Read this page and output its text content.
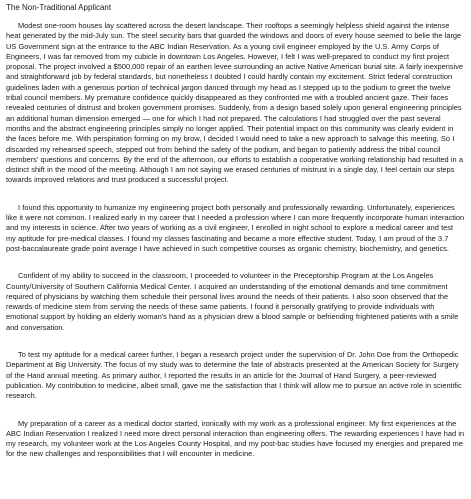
The Non-Traditional Applicant

Modest one-room houses lay scattered across the desert landscape. Their rooftops a seemingly helpless shield against the intense heat generated by the mid-July sun. The steel security bars that guarded the windows and doors of every house seemed to belie the large US Government sign at the entrance to the ABC Indian Reservation. As a young civil engineer employed by the U.S. Army Corps of Engineers, I was far removed from my cubicle in downtown Los Angeles. However, I felt I was well-prepared to conduct my first project proposal. The project involved a $500,000 repair of an earthen levee surrounding an active Native American burial site. A fairly inexpensive and straightforward job by federal standards, but nonetheless I doubted I could hardly contain my excitement. Strict federal construction guidelines laden with a generous portion of technical jargon danced through my head as I stepped up to the podium to greet the twelve tribal council members. My premature confidence quickly disappeared as they confronted me with a troubled ancient gaze. Their faces revealed centuries of distrust and broken government promises. Suddenly, from a design based solely upon general engineering principles an additional human dimension emerged — one for which I had not prepared. The calculations I had struggled over the past several months and the abstract engineering principles simply no longer applied. Their potential impact on this community was clearly evident in the faces before me. With perspiration forming on my brow, I decided I would need to take a new approach to salvage this meeting. So I discarded my rehearsed speech, stepped out from behind the safety of the podium, and began to patiently address the tribal council members' questions and concerns. By the end of the afternoon, our efforts to establish a cooperative working relationship had resulted in a distinct shift in the mood of the meeting. Although I am not saying we erased centuries of mistrust in a single day, I feel certain our steps towards improved relations and trust produced a successful project.

I found this opportunity to humanize my engineering project both personally and professionally rewarding. Unfortunately, experiences like it were not common. I realized early in my career that I needed a profession where I can more frequently incorporate human interaction and my interests in science. After two years of working as a civil engineer, I enrolled in night school to explore a medical career and test my aptitude for pre-medical classes. I found my classes fascinating and became a more effective student. Today, I am proud of the 3.7 post-baccalaureate grade point average I have achieved in such competitive courses as organic chemistry, biochemistry, and genetics.

Confident of my ability to succeed in the classroom, I proceeded to volunteer in the Preceptorship Program at the Los Angeles County/University of Southern California Medical Center. I acquired an understanding of the emotional demands and time commitment required of physicians by watching them schedule their personal lives around the needs of their patients. I also soon observed that the rewards of medicine stem from serving the needs of these same patients. I found it personally gratifying to provide individuals with emotional support by holding an elderly woman's hand as a physician drew a blood sample or befriending frightened patients with a smile and conversation.

To test my aptitude for a medical career further, I began a research project under the supervision of Dr. John Doe from the Orthopedic Department at Big University. The focus of my study was to determine the fate of abstracts presented at the American Society for Surgery of the Hand annual meeting. As primary author, I reported the results in an article for the Journal of Hand Surgery, a peer-reviewed publication. My contribution to medicine, albeit small, gave me the satisfaction that I think will allow me to pursue an active role in scientific research.

My preparation of a career as a medical doctor started, ironically with my work as a professional engineer. My first experiences at the ABC Indian Reservation I realized I need more direct personal interaction than engineering offers. The rewarding experiences I have had in my research, my volunteer work at the Los Angeles County Hospital, and my post-bac studies have focused my energies and prepared me for the new challenges and responsibilities that I will encounter in medicine.
